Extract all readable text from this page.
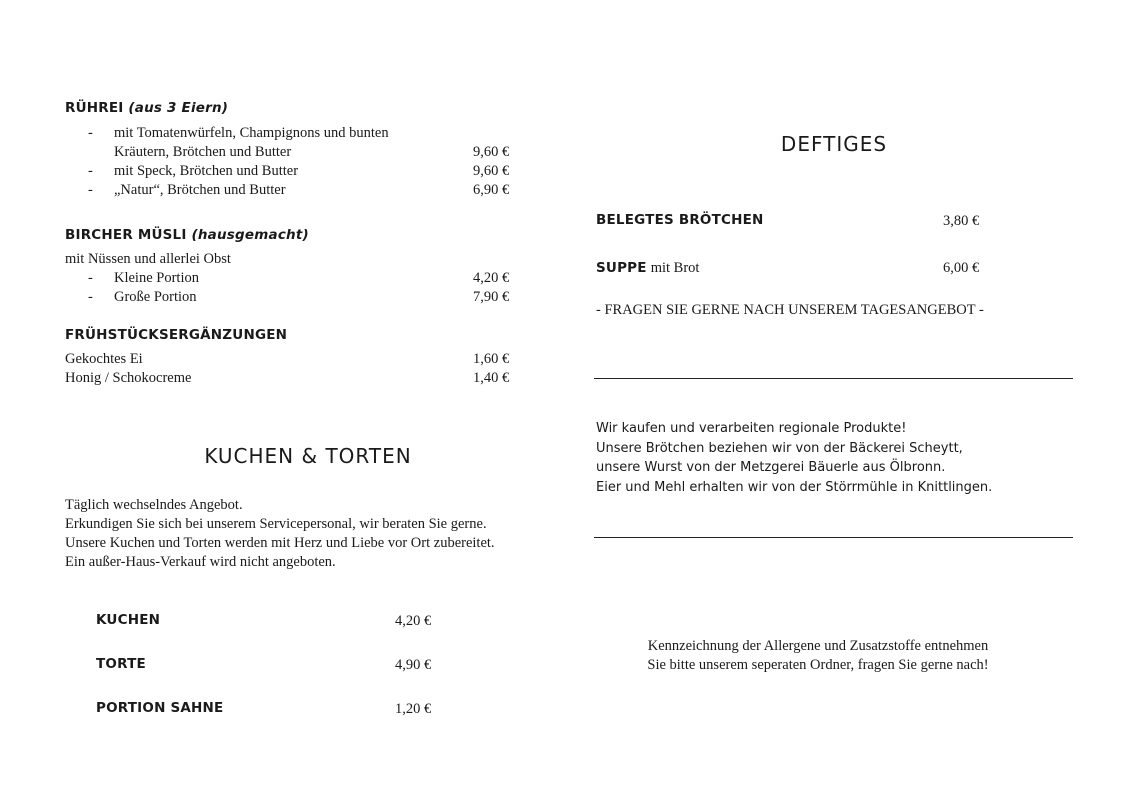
RÜHREI (aus 3 Eiern)
- mit Tomatenwürfeln, Champignons und bunten
Kräutern, Brötchen und Butter	9,60 €
- mit Speck, Brötchen und Butter	9,60 €
- „Natur“, Brötchen und Butter	6,90 €
BIRCHER MÜSLI (hausgemacht)
mit Nüssen und allerlei Obst
- Kleine Portion	4,20 €
- Große Portion	7,90 €
FRÜHSTÜCKSERGÄNZUNGEN
Gekochtes Ei	1,60 €
Honig / Schokocreme	1,40 €
KUCHEN & TORTEN
Täglich wechselndes Angebot.
Erkundigen Sie sich bei unserem Servicepersonal, wir beraten Sie gerne.
Unsere Kuchen und Torten werden mit Herz und Liebe vor Ort zubereitet.
Ein außer-Haus-Verkauf wird nicht angeboten.
KUCHEN	4,20 €
TORTE	4,90 €
PORTION SAHNE	1,20 €
DEFTIGES
BELEGTES BRÖTCHEN	3,80 €
SUPPE mit Brot	6,00 €
- FRAGEN SIE GERNE NACH UNSEREM TAGESANGEBOT -
Wir kaufen und verarbeiten regionale Produkte!
Unsere Brötchen beziehen wir von der Bäckerei Scheytt,
unsere Wurst von der Metzgerei Bäuerle aus Ölbronn.
Eier und Mehl erhalten wir von der Störrmühle in Knittlingen.
Kennzeichnung der Allergene und Zusatzstoffe entnehmen
Sie bitte unserem seperaten Ordner, fragen Sie gerne nach!
